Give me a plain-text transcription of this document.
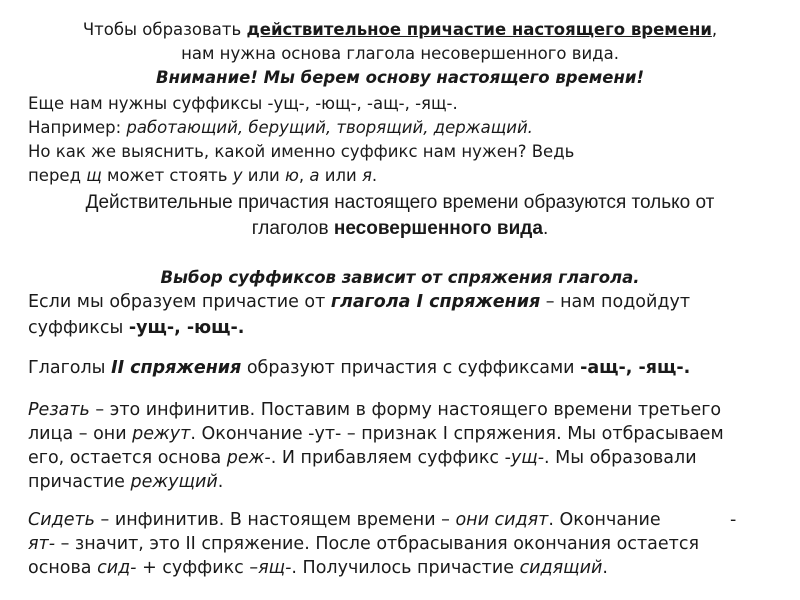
Чтобы образовать действительное причастие настоящего времени,
нам нужна основа глагола несовершенного вида.
Внимание! Мы берем основу настоящего времени!
Еще нам нужны суффиксы -ущ-, -ющ-, -ащ-, -ящ-.
Например: работающий, берущий, творящий, держащий.
Но как же выяснить, какой именно суффикс нам нужен? Ведь
перед щ может стоять у или ю, а или я.
Действительные причастия настоящего времени образуются только от
глаголов несовершенного вида.
Выбор суффиксов зависит от спряжения глагола.
Если мы образуем причастие от глагола I спряжения – нам подойдут
суффиксы -ущ-, -ющ-.
Глаголы II спряжения образуют причастия с суффиксами -ащ-, -ящ-.
Резать – это инфинитив. Поставим в форму настоящего времени третьего
лица – они режут. Окончание -ут- – признак I спряжения. Мы отбрасываем
его, остается основа реж-. И прибавляем суффикс -ущ-. Мы образовали
причастие режущий.
Сидеть – инфинитив. В настоящем времени – они сидят. Окончание	-
ят- – значит, это II спряжение. После отбрасывания окончания остается
основа сид- + суффикс –ящ-. Получилось причастие сидящий.
